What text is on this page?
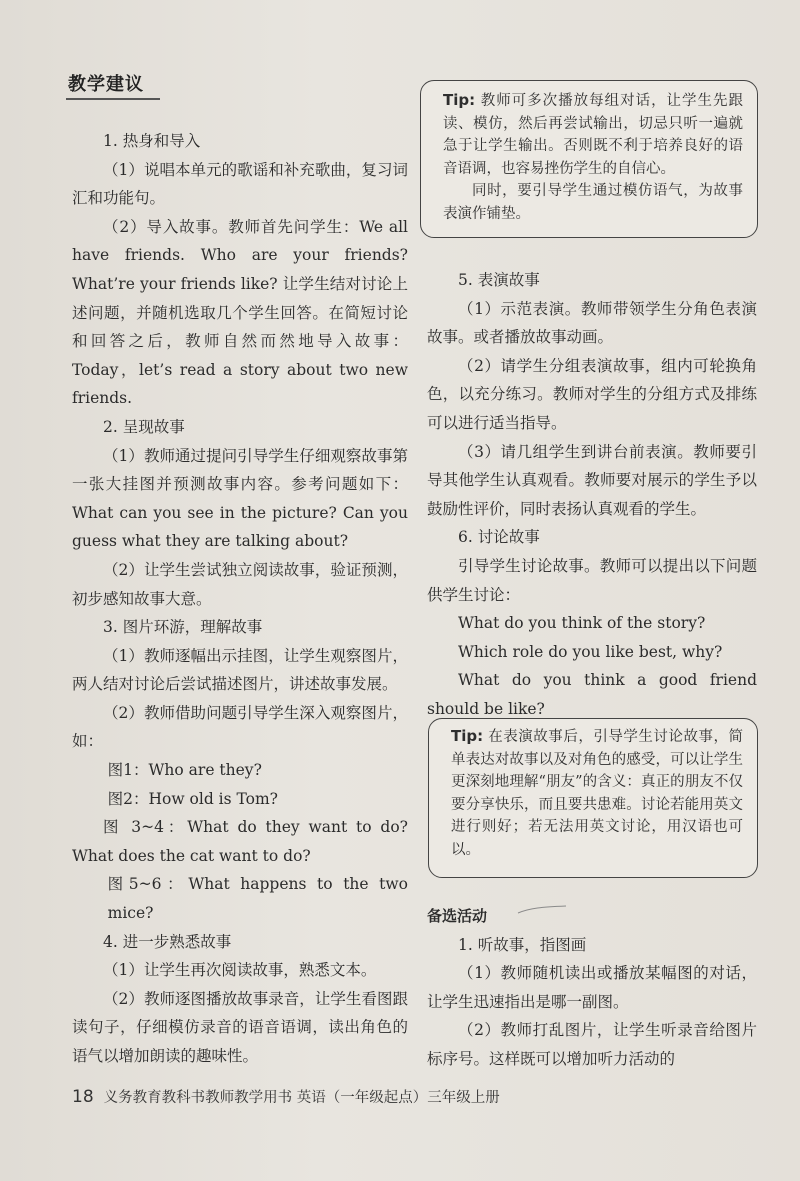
教学建议

1. 热身和导入

（1）说唱本单元的歌谣和补充歌曲，复习词汇和功能句。

（2）导入故事。教师首先问学生：We all have friends. Who are your friends? What’re your friends like? 让学生结对讨论上述问题，并随机选取几个学生回答。在简短讨论和回答之后，教师自然而然地导入故事：Today，let’s read a story about two new friends.

2. 呈现故事

（1）教师通过提问引导学生仔细观察故事第一张大挂图并预测故事内容。参考问题如下：What can you see in the picture? Can you guess what they are talking about?

（2）让学生尝试独立阅读故事，验证预测，初步感知故事大意。

3. 图片环游，理解故事

（1）教师逐幅出示挂图，让学生观察图片，两人结对讨论后尝试描述图片，讲述故事发展。

（2）教师借助问题引导学生深入观察图片，如：

图1：Who are they?

图2：How old is Tom?

图 3~4：What do they want to do? What does the cat want to do?

图5~6：What happens to the two mice?

4. 进一步熟悉故事

（1）让学生再次阅读故事，熟悉文本。

（2）教师逐图播放故事录音，让学生看图跟读句子，仔细模仿录音的语音语调，读出角色的语气以增加朗读的趣味性。

Tip: 教师可多次播放每组对话，让学生先跟读、模仿，然后再尝试输出，切忌只听一遍就急于让学生输出。否则既不利于培养良好的语音语调，也容易挫伤学生的自信心。

同时，要引导学生通过模仿语气，为故事表演作铺垫。

5. 表演故事

（1）示范表演。教师带领学生分角色表演故事。或者播放故事动画。

（2）请学生分组表演故事，组内可轮换角色，以充分练习。教师对学生的分组方式及排练可以进行适当指导。

（3）请几组学生到讲台前表演。教师要引导其他学生认真观看。教师要对展示的学生予以鼓励性评价，同时表扬认真观看的学生。

6. 讨论故事

引导学生讨论故事。教师可以提出以下问题供学生讨论：

What do you think of the story?

Which role do you like best, why?

What do you think a good friend should be like?

Tip: 在表演故事后，引导学生讨论故事，简单表达对故事以及对角色的感受，可以让学生更深刻地理解“朋友”的含义：真正的朋友不仅要分享快乐，而且要共患难。讨论若能用英文进行则好；若无法用英文讨论，用汉语也可以。

备选活动

1. 听故事，指图画

（1）教师随机读出或播放某幅图的对话，让学生迅速指出是哪一副图。

（2）教师打乱图片，让学生听录音给图片标序号。这样既可以增加听力活动的

18 义务教育教科书教师教学用书 英语（一年级起点）三年级上册
